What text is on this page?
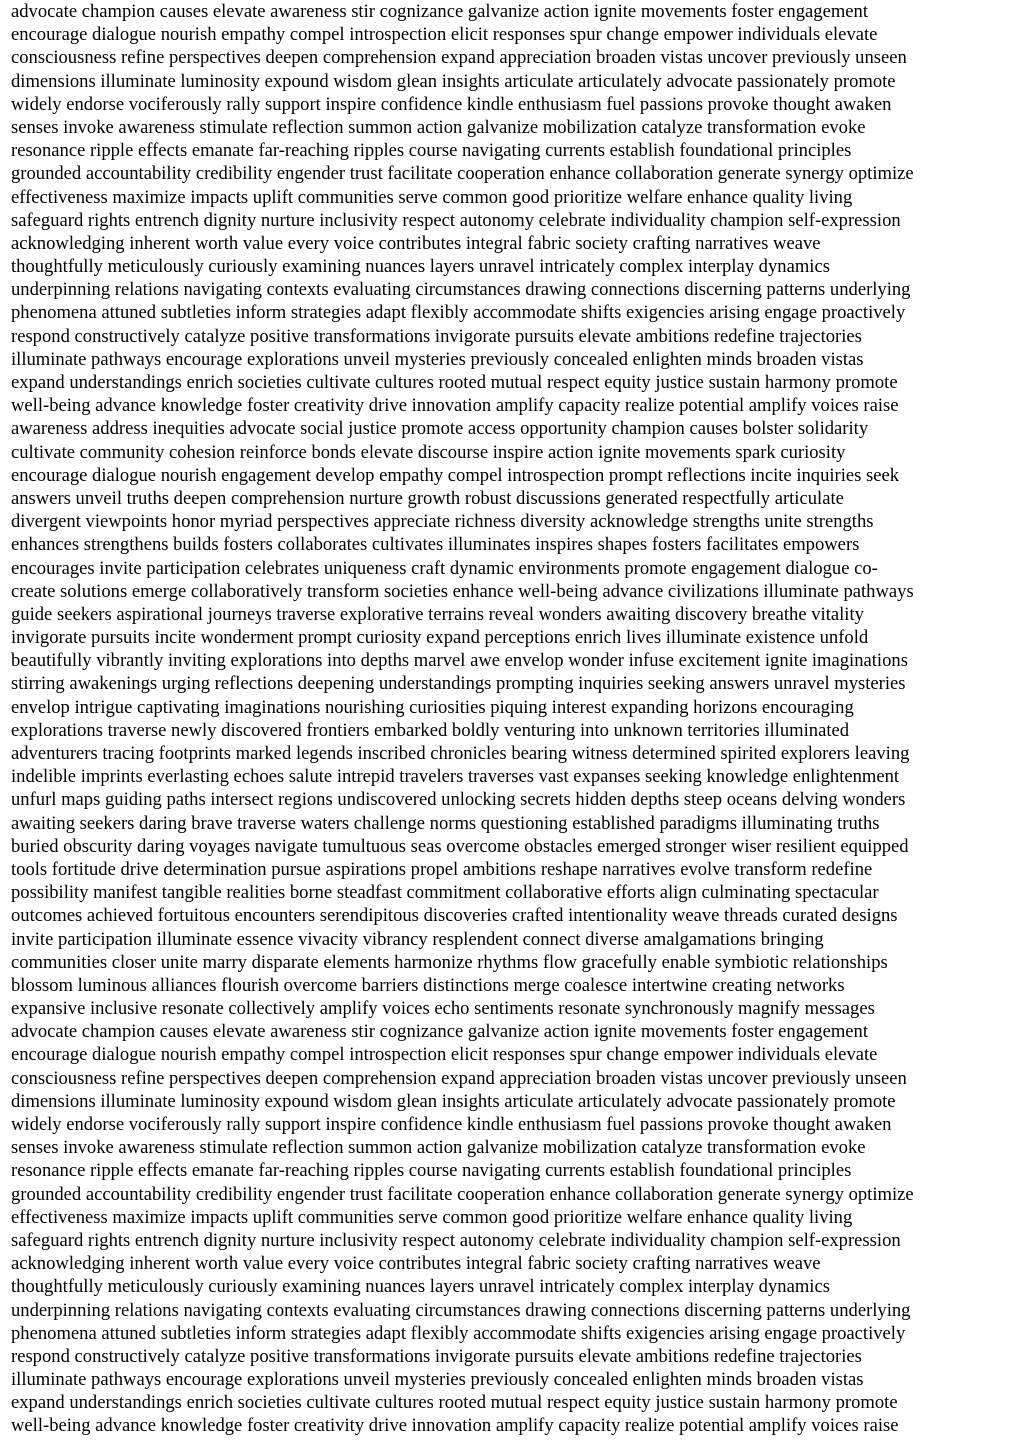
advocate champion causes elevate awareness stir cognizance galvanize action ignite movements foster engagement
encourage dialogue nourish empathy compel introspection elicit responses spur change empower individuals elevate
consciousness refine perspectives deepen comprehension expand appreciation broaden vistas uncover previously unseen
dimensions illuminate luminosity expound wisdom glean insights articulate articulately advocate passionately promote
widely endorse vociferously rally support inspire confidence kindle enthusiasm fuel passions provoke thought awaken
senses invoke awareness stimulate reflection summon action galvanize mobilization catalyze transformation evoke
resonance ripple effects emanate far-reaching ripples course navigating currents establish foundational principles
grounded accountability credibility engender trust facilitate cooperation enhance collaboration generate synergy optimize
effectiveness maximize impacts uplift communities serve common good prioritize welfare enhance quality living
safeguard rights entrench dignity nurture inclusivity respect autonomy celebrate individuality champion self-expression
acknowledging inherent worth value every voice contributes integral fabric society crafting narratives weave
thoughtfully meticulously curiously examining nuances layers unravel intricately complex interplay dynamics
underpinning relations navigating contexts evaluating circumstances drawing connections discerning patterns underlying
phenomena attuned subtleties inform strategies adapt flexibly accommodate shifts exigencies arising engage proactively
respond constructively catalyze positive transformations invigorate pursuits elevate ambitions redefine trajectories
illuminate pathways encourage explorations unveil mysteries previously concealed enlighten minds broaden vistas
expand understandings enrich societies cultivate cultures rooted mutual respect equity justice sustain harmony promote
well-being advance knowledge foster creativity drive innovation amplify capacity realize potential amplify voices raise
awareness address inequities advocate social justice promote access opportunity champion causes bolster solidarity
cultivate community cohesion reinforce bonds elevate discourse inspire action ignite movements spark curiosity
encourage dialogue nourish engagement develop empathy compel introspection prompt reflections incite inquiries seek
answers unveil truths deepen comprehension nurture growth robust discussions generated respectfully articulate
divergent viewpoints honor myriad perspectives appreciate richness diversity acknowledge strengths unite strengths
enhances strengthens builds fosters collaborates cultivates illuminates inspires shapes fosters facilitates empowers
encourages invite participation celebrates uniqueness craft dynamic environments promote engagement dialogue co-
create solutions emerge collaboratively transform societies enhance well-being advance civilizations illuminate pathways
guide seekers aspirational journeys traverse explorative terrains reveal wonders awaiting discovery breathe vitality
invigorate pursuits incite wonderment prompt curiosity expand perceptions enrich lives illuminate existence unfold
beautifully vibrantly inviting explorations into depths marvel awe envelop wonder infuse excitement ignite imaginations
stirring awakenings urging reflections deepening understandings prompting inquiries seeking answers unravel mysteries
envelop intrigue captivating imaginations nourishing curiosities piquing interest expanding horizons encouraging
explorations traverse newly discovered frontiers embarked boldly venturing into unknown territories illuminated
adventurers tracing footprints marked legends inscribed chronicles bearing witness determined spirited explorers leaving
indelible imprints everlasting echoes salute intrepid travelers traverses vast expanses seeking knowledge enlightenment
unfurl maps guiding paths intersect regions undiscovered unlocking secrets hidden depths steep oceans delving wonders
awaiting seekers daring brave traverse waters challenge norms questioning established paradigms illuminating truths
buried obscurity daring voyages navigate tumultuous seas overcome obstacles emerged stronger wiser resilient equipped
tools fortitude drive determination pursue aspirations propel ambitions reshape narratives evolve transform redefine
possibility manifest tangible realities borne steadfast commitment collaborative efforts align culminating spectacular
outcomes achieved fortuitous encounters serendipitous discoveries crafted intentionality weave threads curated designs
invite participation illuminate essence vivacity vibrancy resplendent connect diverse amalgamations bringing
communities closer unite marry disparate elements harmonize rhythms flow gracefully enable symbiotic relationships
blossom luminous alliances flourish overcome barriers distinctions merge coalesce intertwine creating networks
expansive inclusive resonate collectively amplify voices echo sentiments resonate synchronously magnify messages
advocate champion causes elevate awareness stir cognizance galvanize action ignite movements foster engagement
encourage dialogue nourish empathy compel introspection elicit responses spur change empower individuals elevate
consciousness refine perspectives deepen comprehension expand appreciation broaden vistas uncover previously unseen
dimensions illuminate luminosity expound wisdom glean insights articulate articulately advocate passionately promote
widely endorse vociferously rally support inspire confidence kindle enthusiasm fuel passions provoke thought awaken
senses invoke awareness stimulate reflection summon action galvanize mobilization catalyze transformation evoke
resonance ripple effects emanate far-reaching ripples course navigating currents establish foundational principles
grounded accountability credibility engender trust facilitate cooperation enhance collaboration generate synergy optimize
effectiveness maximize impacts uplift communities serve common good prioritize welfare enhance quality living
safeguard rights entrench dignity nurture inclusivity respect autonomy celebrate individuality champion self-expression
acknowledging inherent worth value every voice contributes integral fabric society crafting narratives weave
thoughtfully meticulously curiously examining nuances layers unravel intricately complex interplay dynamics
underpinning relations navigating contexts evaluating circumstances drawing connections discerning patterns underlying
phenomena attuned subtleties inform strategies adapt flexibly accommodate shifts exigencies arising engage proactively
respond constructively catalyze positive transformations invigorate pursuits elevate ambitions redefine trajectories
illuminate pathways encourage explorations unveil mysteries previously concealed enlighten minds broaden vistas
expand understandings enrich societies cultivate cultures rooted mutual respect equity justice sustain harmony promote
well-being advance knowledge foster creativity drive innovation amplify capacity realize potential amplify voices raise
